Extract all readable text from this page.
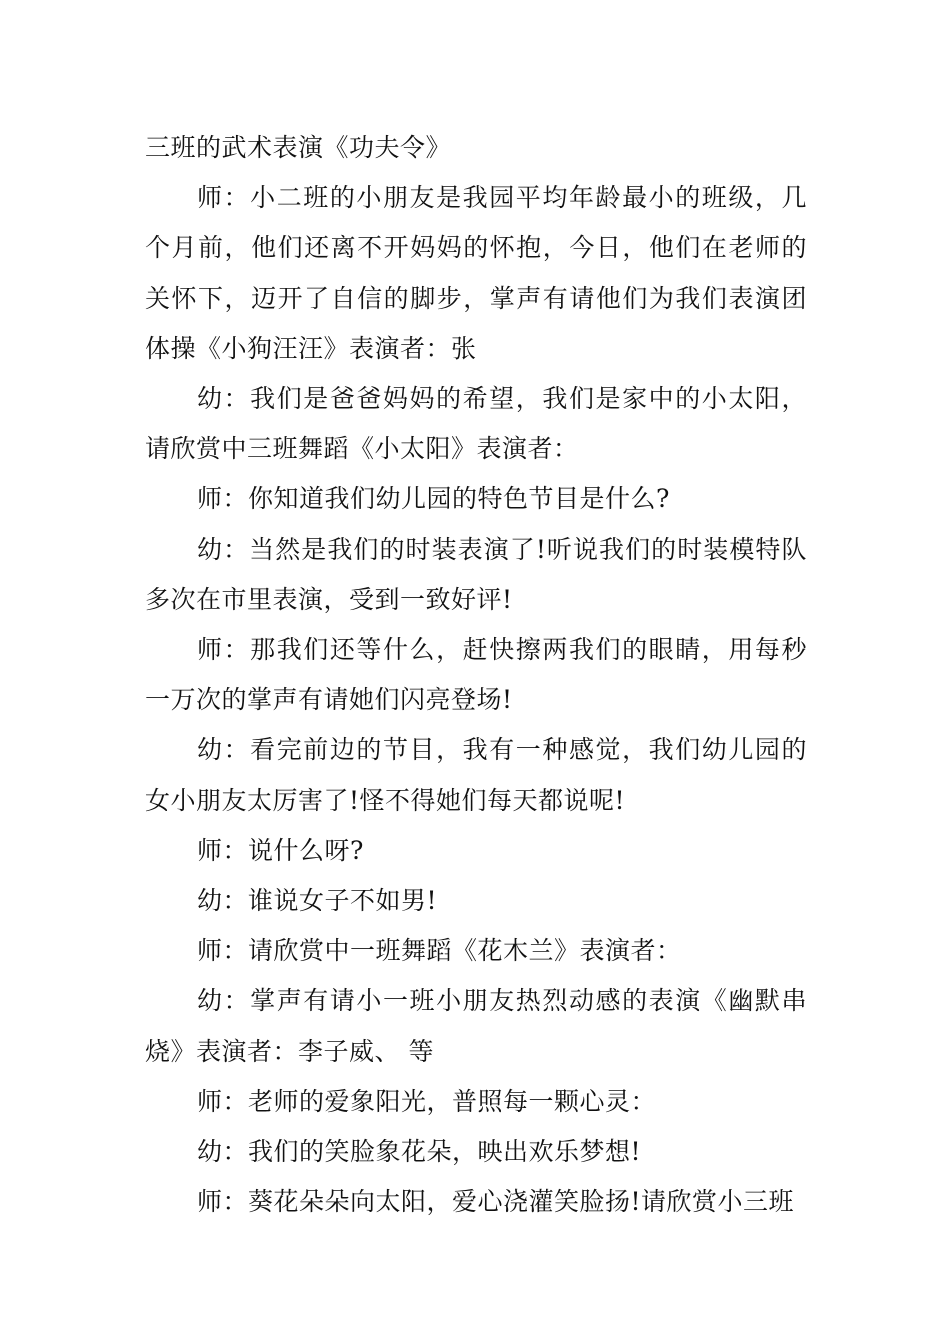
三班的武术表演《功夫令》

师：小二班的小朋友是我园平均年龄最小的班级，几个月前，他们还离不开妈妈的怀抱，今日，他们在老师的关怀下，迈开了自信的脚步，掌声有请他们为我们表演团体操《小狗汪汪》表演者：张

幼：我们是爸爸妈妈的希望，我们是家中的小太阳，请欣赏中三班舞蹈《小太阳》表演者：

师：你知道我们幼儿园的特色节目是什么?

幼：当然是我们的时装表演了!听说我们的时装模特队多次在市里表演，受到一致好评!

师：那我们还等什么，赶快擦两我们的眼睛，用每秒一万次的掌声有请她们闪亮登场!

幼：看完前边的节目，我有一种感觉，我们幼儿园的女小朋友太厉害了!怪不得她们每天都说呢!

师：说什么呀?

幼：谁说女子不如男!

师：请欣赏中一班舞蹈《花木兰》表演者：

幼：掌声有请小一班小朋友热烈动感的表演《幽默串烧》表演者：李子威、 等

师：老师的爱象阳光，普照每一颗心灵：

幼：我们的笑脸象花朵，映出欢乐梦想!

师：葵花朵朵向太阳，爱心浇灌笑脸扬!请欣赏小三班
